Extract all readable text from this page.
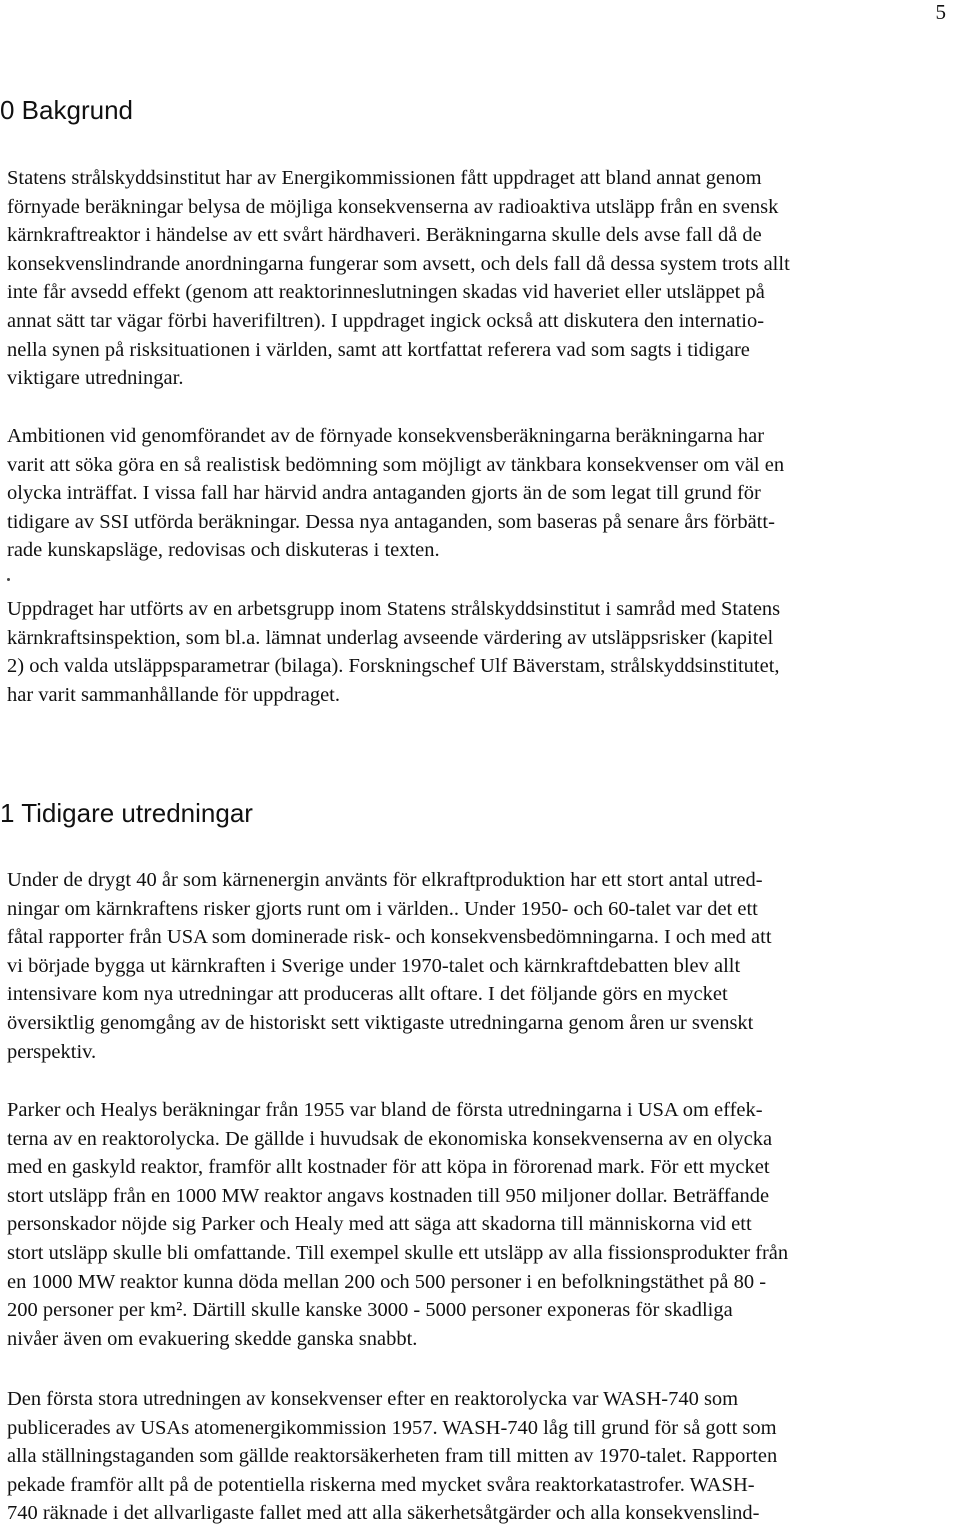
5
0 Bakgrund
Statens strålskyddsinstitut har av Energikommissionen fått uppdraget att bland annat genom
förnyade beräkningar belysa de möjliga konsekvenserna av radioaktiva utsläpp från en svensk
kärnkraftreaktor i händelse av ett svårt härdhaveri. Beräkningarna skulle dels avse fall då de
konsekvenslindrande anordningarna fungerar som avsett, och dels fall då dessa system trots allt
inte får avsedd effekt (genom att reaktorinneslutningen skadas vid haveriet eller utsläppet på
annat sätt tar vägar förbi haverifiltren). I uppdraget ingick också att diskutera den internatio-
nella synen på risksituationen i världen, samt att kortfattat referera vad som sagts i tidigare
viktigare utredningar.
Ambitionen vid genomförandet av de förnyade konsekvensberäkningarna beräkningarna har
varit att söka göra en så realistisk bedömning som möjligt av tänkbara konsekvenser om väl en
olycka inträffat. I vissa fall har härvid andra antaganden gjorts än de som legat till grund för
tidigare av SSI utförda beräkningar. Dessa nya antaganden, som baseras på senare års förbätt-
rade kunskapsläge, redovisas och diskuteras i texten.
Uppdraget har utförts av en arbetsgrupp inom Statens strålskyddsinstitut i samråd med Statens
kärnkraftsinspektion, som bl.a. lämnat underlag avseende värdering av utsläppsrisker (kapitel
2) och valda utsläppsparametrar (bilaga). Forskningschef Ulf Bäverstam, strålskyddsinstitutet,
har varit sammanhållande för uppdraget.
1 Tidigare utredningar
Under de drygt 40 år som kärnenergin använts för elkraftproduktion har ett stort antal utred-
ningar om kärnkraftens risker gjorts runt om i världen.. Under 1950- och 60-talet var det ett
fåtal rapporter från USA som dominerade risk- och konsekvensbedömningarna. I och med att
vi började bygga ut kärnkraften i Sverige under 1970-talet och kärnkraftdebatten blev allt
intensivare kom nya utredningar att produceras allt oftare. I det följande görs en mycket
översiktlig genomgång av de historiskt sett viktigaste utredningarna genom åren ur svenskt
perspektiv.
Parker och Healys beräkningar från 1955 var bland de första utredningarna i USA om effek-
terna av en reaktorolycka. De gällde i huvudsak de ekonomiska konsekvenserna av en olycka
med en gaskyld reaktor, framför allt kostnader för att köpa in förorenad mark. För ett mycket
stort utsläpp från en 1000 MW reaktor angavs kostnaden till 950 miljoner dollar. Beträffande
personskador nöjde sig Parker och Healy med att säga att skadorna till människorna vid ett
stort utsläpp skulle bli omfattande. Till exempel skulle ett utsläpp av alla fissionsprodukter från
en 1000 MW reaktor kunna döda mellan 200 och 500 personer i en befolkningstäthet på 80 -
200 personer per km². Därtill skulle kanske 3000 - 5000 personer exponeras för skadliga
nivåer även om evakuering skedde ganska snabbt.
Den första stora utredningen av konsekvenser efter en reaktorolycka var WASH-740 som
publicerades av USAs atomenergikommission 1957. WASH-740 låg till grund för så gott som
alla ställningstaganden som gällde reaktorsäkerheten fram till mitten av 1970-talet. Rapporten
pekade framför allt på de potentiella riskerna med mycket svåra reaktorkatastrofer. WASH-
740 räknade i det allvarligaste fallet med att alla säkerhetsåtgärder och alla konsekvenslind-
